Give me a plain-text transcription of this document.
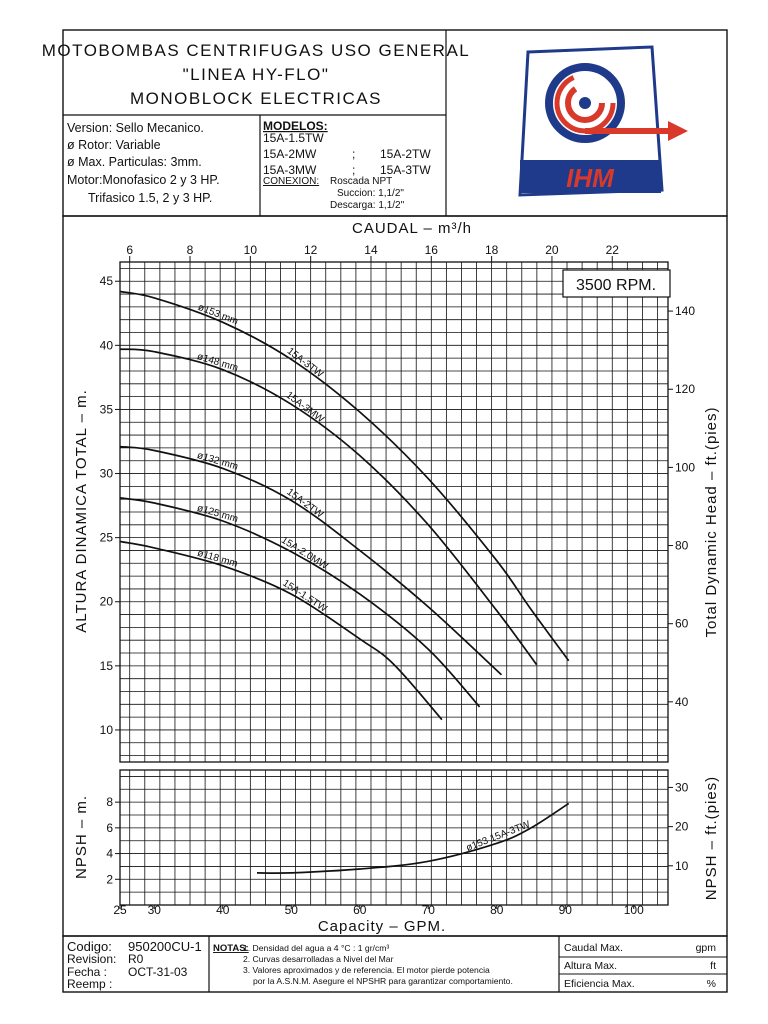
MOTOBOMBAS CENTRIFUGAS USO GENERAL
"LINEA HY-FLO"
MONOBLOCK ELECTRICAS
Version: Sello Mecanico.
ø Rotor: Variable
ø Max. Particulas: 3mm.
Motor:Monofasico 2 y 3 HP.
Trifasico 1.5, 2 y 3 HP.
MODELOS:
15A-1.5TW
15A-2MW	; 15A-2TW
15A-3MW	; 15A-3TW
CONEXION: Roscada NPT
Succion: 1,1/2"
Descarga: 1,1/2"
IHM
CAUDAL – m³/h
6	8	10	12	14	16	18	20	22
10
15
20
25
30
35
40
45
40
60
80
100
120
140
ø153 mm
15A-3TW
ø148 mm
15A-3MW
ø132 mm
15A-2TW
ø125 mm
15A-2.0MW
ø118 mm
15A-1.5TW
3500 RPM.
ALTURA DINAMICA TOTAL – m.	Total Dynamic Head – ft.(pies)
2
4
6
8
10
20
30
25 30	40	50	60	70	80	90	100
ø153 15A-3TW
NPSH – m.	NPSH – ft.(pies)
Capacity – GPM.
Codigo: 950200CU-1
Revision: R0
Fecha : OCT-31-03
Reemp :
NOTAS:
1. Densidad del agua a 4 °C : 1 gr/cm³
2. Curvas desarrolladas a Nivel del Mar
3. Valores aproximados y de referencia. El motor pierde potencia
por la A.S.N.M. Asegure el NPSHR para garantizar comportamiento.
Caudal Max.	gpm
Altura Max.	ft
Eficiencia Max.	%
